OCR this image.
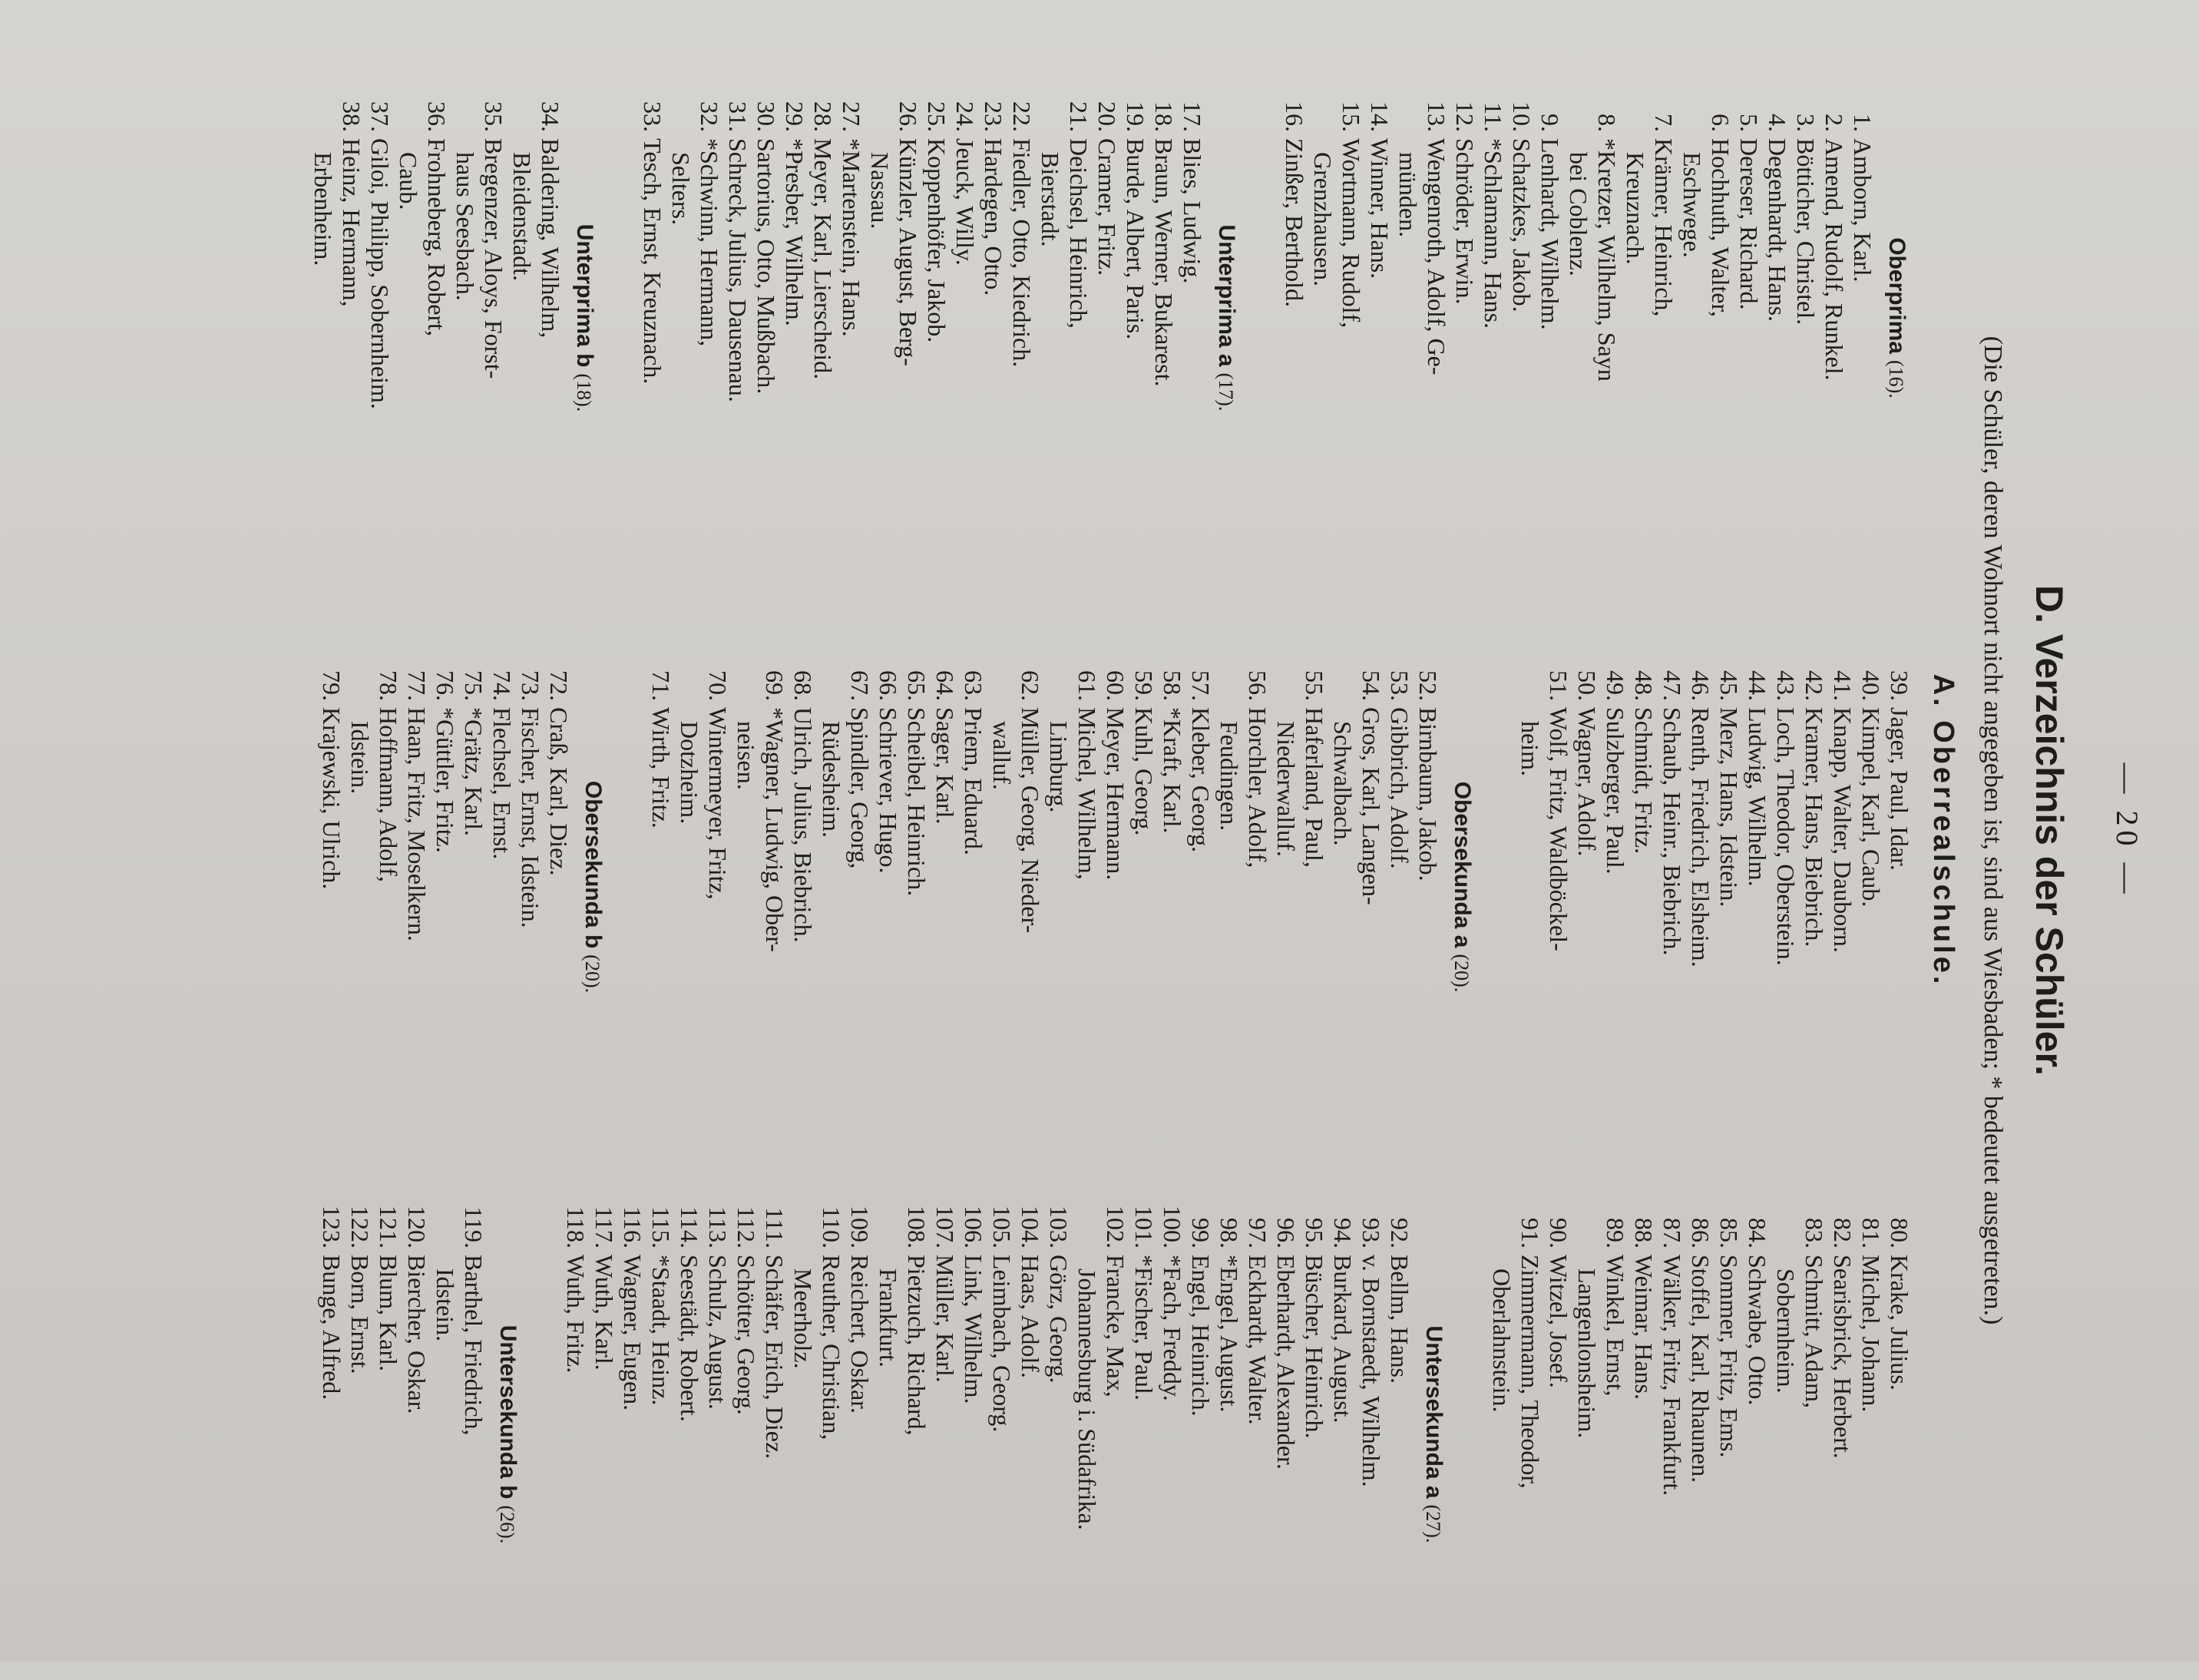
— 20 —
D. Verzeichnis der Schüler.
(Die Schüler, deren Wohnort nicht angegeben ist, sind aus Wiesbaden; * bedeutet ausgetreten.)
A. Oberrealschule.
Oberprima (16).
1.
Amborn, Karl.
2.
Amend, Rudolf, Runkel.
3.
Bötticher, Christel.
4.
Degenhardt, Hans.
5.
Dereser, Richard.
6.
Hochhuth, Walter,
Eschwege.
7.
Krämer, Heinrich,
Kreuznach.
8.
*Kretzer, Wilhelm, Sayn
bei Coblenz.
9.
Lenhardt, Wilhelm.
10.
Schatzkes, Jakob.
11.
*Schlamann, Hans.
12.
Schröder, Erwin.
13.
Wengenroth, Adolf, Ge-
münden.
14.
Winner, Hans.
15.
Wortmann, Rudolf,
Grenzhausen.
16.
Zinßer, Berthold.
Unterprima a (17).
17.
Blies, Ludwig.
18.
Braun, Werner, Bukarest.
19.
Burde, Albert, Paris.
20.
Cramer, Fritz.
21.
Deichsel, Heinrich,
Bierstadt.
22.
Fiedler, Otto, Kiedrich.
23.
Hardegen, Otto.
24.
Jeuck, Willy.
25.
Koppenhöfer, Jakob.
26.
Künzler, August, Berg-
Nassau.
27.
*Martenstein, Hans.
28.
Meyer, Karl, Lierscheid.
29.
*Presber, Wilhelm.
30.
Sartorius, Otto, Mußbach.
31.
Schreck, Julius, Dausenau.
32.
*Schwinn, Hermann,
Selters.
33.
Tesch, Ernst, Kreuznach.
Unterprima b (18).
34.
Baldering, Wilhelm,
Bleidenstadt.
35.
Bregenzer, Aloys, Forst-
haus Seesbach.
36.
Frohneberg, Robert,
Caub.
37.
Giloi, Philipp, Sobernheim.
38.
Heinz, Hermann,
Erbenheim.
39.
Jager, Paul, Idar.
40.
Kimpel, Karl, Caub.
41.
Knapp, Walter, Dauborn.
42.
Kramer, Hans, Biebrich.
43.
Loch, Theodor, Oberstein.
44.
Ludwig, Wilhelm.
45.
Merz, Hans, Idstein.
46.
Renth, Friedrich, Elsheim.
47.
Schaub, Heinr., Biebrich.
48.
Schmidt, Fritz.
49.
Sulzberger, Paul.
50.
Wagner, Adolf.
51.
Wolf, Fritz, Waldböckel-
heim.
Obersekunda a (20).
52.
Birnbaum, Jakob.
53.
Gibbrich, Adolf.
54.
Gros, Karl, Langen-
Schwalbach.
55.
Haferland, Paul,
Niederwalluf.
56.
Horchler, Adolf,
Feudingen.
57.
Kleber, Georg.
58.
*Kraft, Karl.
59.
Kuhl, Georg.
60.
Meyer, Hermann.
61.
Michel, Wilhelm,
Limburg.
62.
Müller, Georg, Nieder-
walluf.
63.
Priem, Eduard.
64.
Sager, Karl.
65.
Scheibel, Heinrich.
66.
Schriever, Hugo.
67.
Spindler, Georg,
Rüdesheim.
68.
Ulrich, Julius, Biebrich.
69.
*Wagner, Ludwig, Ober-
neisen.
70.
Wintermeyer, Fritz,
Dotzheim.
71.
Wirth, Fritz.
Obersekunda b (20).
72.
Craß, Karl, Diez.
73.
Fischer, Ernst, Idstein.
74.
Flechsel, Ernst.
75.
*Grätz, Karl.
76.
*Güttler, Fritz.
77.
Haan, Fritz, Moselkern.
78.
Hoffmann, Adolf,
Idstein.
79.
Krajewski, Ulrich.
80.
Krake, Julius.
81.
Michel, Johann.
82.
Searisbrick, Herbert.
83.
Schmitt, Adam,
Sobernheim.
84.
Schwabe, Otto.
85.
Sommer, Fritz, Ems.
86.
Stoffel, Karl, Rhaunen.
87.
Wälker, Fritz, Frankfurt.
88.
Weimar, Hans.
89.
Winkel, Ernst,
Langenlonsheim.
90.
Witzel, Josef.
91.
Zimmermann, Theodor,
Oberlahnstein.
Untersekunda a (27).
92.
Bellm, Hans.
93.
v. Bornstaedt, Wilhelm.
94.
Burkard, August.
95.
Büscher, Heinrich.
96.
Eberhardt, Alexander.
97.
Eckhardt, Walter.
98.
*Engel, August.
99.
Engel, Heinrich.
100.
*Fach, Freddy.
101.
*Fischer, Paul.
102.
Francke, Max,
Johannesburg i. Südafrika.
103.
Görz, Georg.
104.
Haas, Adolf.
105.
Leimbach, Georg.
106.
Link, Wilhelm.
107.
Müller, Karl.
108.
Pietzuch, Richard,
Frankfurt.
109.
Reichert, Oskar.
110.
Reuther, Christian,
Meerholz.
111.
Schäfer, Erich, Diez.
112.
Schötter, Georg.
113.
Schulz, August.
114.
Seestädt, Robert.
115.
*Staadt, Heinz.
116.
Wagner, Eugen.
117.
Wuth, Karl.
118.
Wuth, Fritz.
Untersekunda b (26).
119.
Barthel, Friedrich,
Idstein.
120.
Biercher, Oskar.
121.
Blum, Karl.
122.
Born, Ernst.
123.
Bunge, Alfred.
